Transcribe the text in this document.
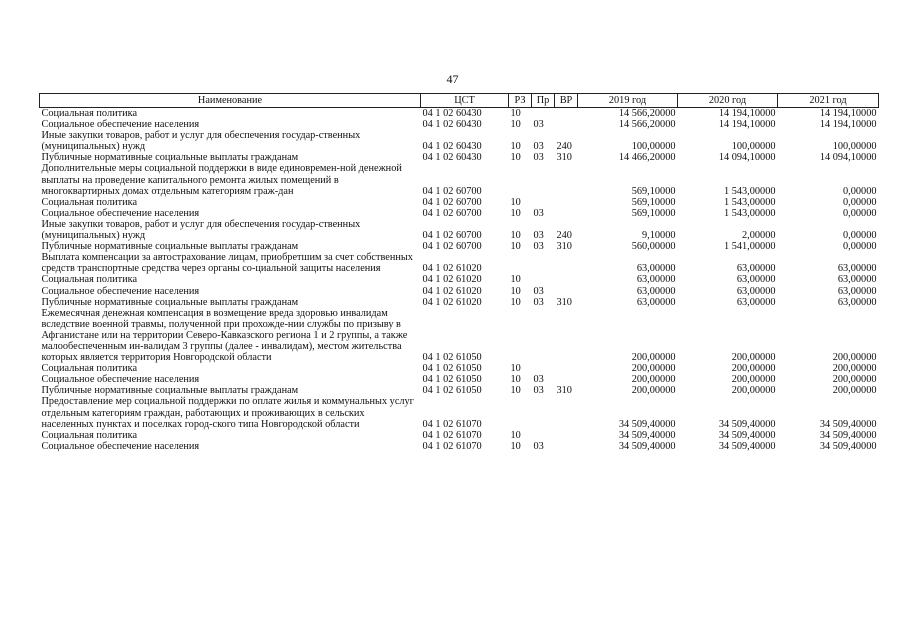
47
Наименование	ЦСТ	РЗ	Пр	ВР	2019 год	2020 год	2021 год
Социальная политика	04 1 02 60430	10			14 566,20000	14 194,10000	14 194,10000
Социальное обеспечение населения	04 1 02 60430	10	03		14 566,20000	14 194,10000	14 194,10000
Иные закупки товаров, работ и услуг для обеспечения государ-ственных (муниципальных) нужд	04 1 02 60430	10	03	240	100,00000	100,00000	100,00000
Публичные нормативные социальные выплаты гражданам	04 1 02 60430	10	03	310	14 466,20000	14 094,10000	14 094,10000
Дополнительные меры социальной поддержки в виде единовремен-ной денежной выплаты на проведение капитального ремонта жилых помещений в многоквартирных домах отдельным категориям граж-дан	04 1 02 60700				569,10000	1 543,00000	0,00000
Социальная политика	04 1 02 60700	10			569,10000	1 543,00000	0,00000
Социальное обеспечение населения	04 1 02 60700	10	03		569,10000	1 543,00000	0,00000
Иные закупки товаров, работ и услуг для обеспечения государ-ственных (муниципальных) нужд	04 1 02 60700	10	03	240	9,10000	2,00000	0,00000
Публичные нормативные социальные выплаты гражданам	04 1 02 60700	10	03	310	560,00000	1 541,00000	0,00000
Выплата компенсации за автострахование лицам, приобретшим за счет собственных средств транспортные средства через органы со-циальной защиты населения	04 1 02 61020				63,00000	63,00000	63,00000
Социальная политика	04 1 02 61020	10			63,00000	63,00000	63,00000
Социальное обеспечение населения	04 1 02 61020	10	03		63,00000	63,00000	63,00000
Публичные нормативные социальные выплаты гражданам	04 1 02 61020	10	03	310	63,00000	63,00000	63,00000
Ежемесячная денежная компенсация в возмещение вреда здоровью инвалидам вследствие военной травмы, полученной при прохожде-нии службы по призыву в Афганистане или на территории Северо-Кавказского региона 1 и 2 группы, а также малообеспеченным ин-валидам 3 группы (далее - инвалидам), местом жительства которых является территория Новгородской области	04 1 02 61050				200,00000	200,00000	200,00000
Социальная политика	04 1 02 61050	10			200,00000	200,00000	200,00000
Социальное обеспечение населения	04 1 02 61050	10	03		200,00000	200,00000	200,00000
Публичные нормативные социальные выплаты гражданам	04 1 02 61050	10	03	310	200,00000	200,00000	200,00000
Предоставление мер социальной поддержки по оплате жилья и коммунальных услуг отдельным категориям граждан, работающих и проживающих в сельских населенных пунктах и поселках город-ского типа Новгородской области	04 1 02 61070				34 509,40000	34 509,40000	34 509,40000
Социальная политика	04 1 02 61070	10			34 509,40000	34 509,40000	34 509,40000
Социальное обеспечение населения	04 1 02 61070	10	03		34 509,40000	34 509,40000	34 509,40000
